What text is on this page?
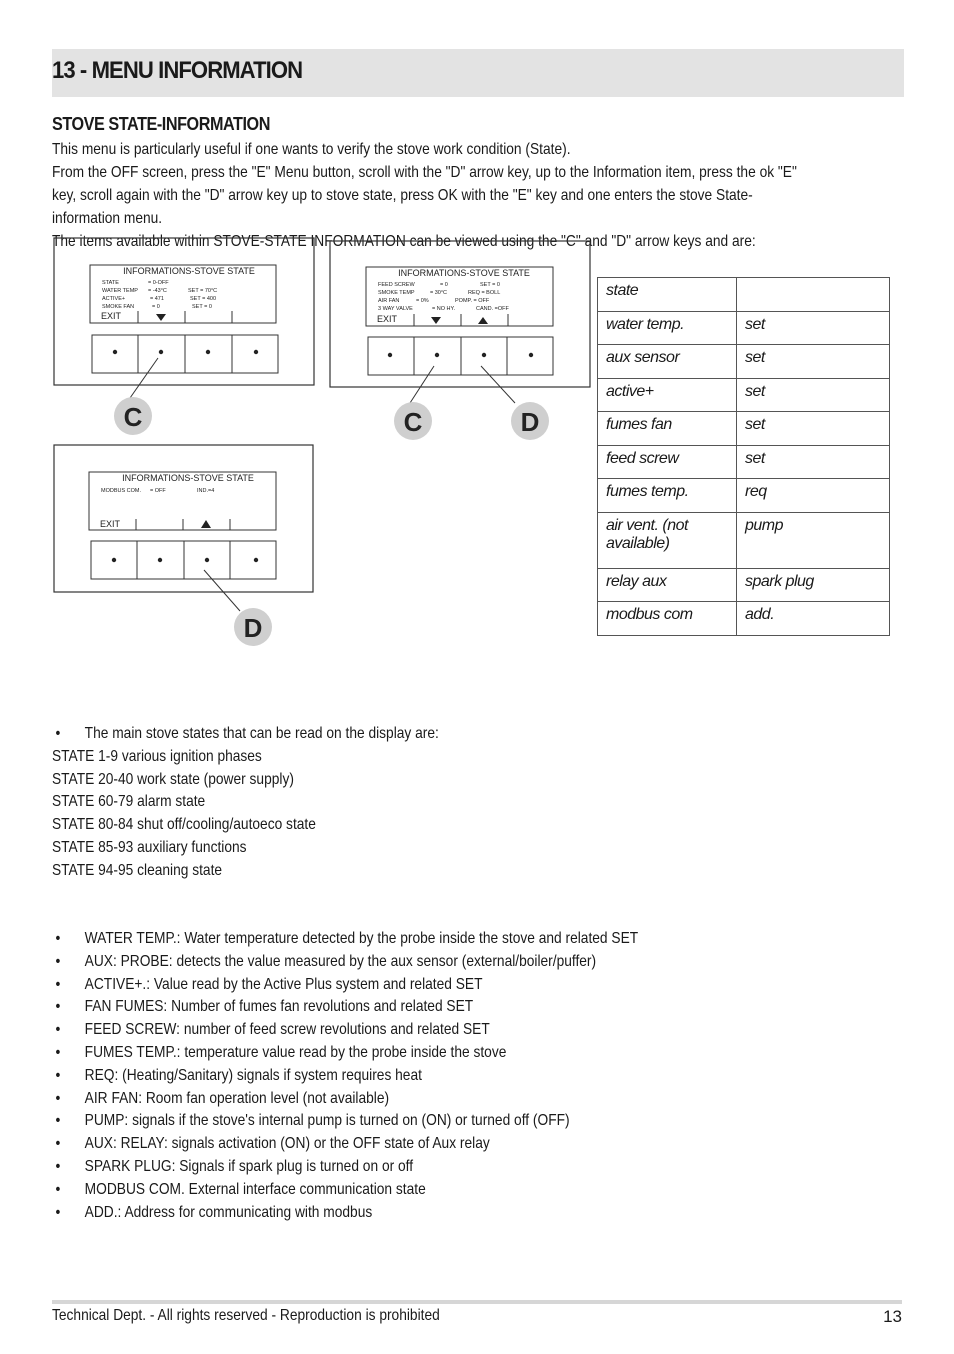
13 - MENU INFORMATION
STOVE STATE-INFORMATION

This menu is particularly useful if one wants to verify the stove work condition (State).

From the OFF screen, press the "E" Menu button, scroll with the "D" arrow key, up to the Information item, press the ok "E" key, scroll again with the "D" arrow key up to stove state, press OK with the "E" key and one enters the stove State-information menu.

The items available within STOVE-STATE INFORMATION can be viewed using the "C" and "D" arrow keys and are:

INFORMATIONS-STOVE STATE
STATE	= 0-OFF
WATER TEMP = -43°C	SET = 70°C
ACTIVE+	= 471	SET = 400
SMOKE FAN	= 0	SET = 0
EXIT
C
INFORMATIONS-STOVE STATE
FEED SCREW	= 0	SET = 0
SMOKE TEMP	= 30°C	REQ = BOLL
AIR FAN	= 0%	POMP. = OFF
3 WAY VALVE	= NO HY.	CAND. =OFF
EXIT
C	D
INFORMATIONS-STOVE STATE
MODBUS COM. = OFF	IND.=4
EXIT
D
state	
water temp.	set
aux sensor	set
active+	set
fumes fan	set
feed screw	set
fumes temp.	req
air vent. (not available)	pump
relay aux	spark plug
modbus com	add.

• The main stove states that can be read on the display are:

STATE 1-9 various ignition phases

STATE 20-40 work state (power supply)

STATE 60-79 alarm state

STATE 80-84 shut off/cooling/autoeco state

STATE 85-93 auxiliary functions

STATE 94-95 cleaning state

• WATER TEMP.: Water temperature detected by the probe inside the stove and related SET

• AUX: PROBE: detects the value measured by the aux sensor (external/boiler/puffer)

• ACTIVE+.: Value read by the Active Plus system and related SET

• FAN FUMES: Number of fumes fan revolutions and related SET

• FEED SCREW: number of feed screw revolutions and related SET

• FUMES TEMP.: temperature value read by the probe inside the stove

• REQ: (Heating/Sanitary) signals if system requires heat

• AIR FAN: Room fan operation level (not available)

• PUMP: signals if the stove's internal pump is turned on (ON) or turned off (OFF)

• AUX: RELAY: signals activation (ON) or the OFF state of Aux relay

• SPARK PLUG: Signals if spark plug is turned on or off

• MODBUS COM. External interface communication state

• ADD.: Address for communicating with modbus

Technical Dept. - All rights reserved - Reproduction is prohibited	13
